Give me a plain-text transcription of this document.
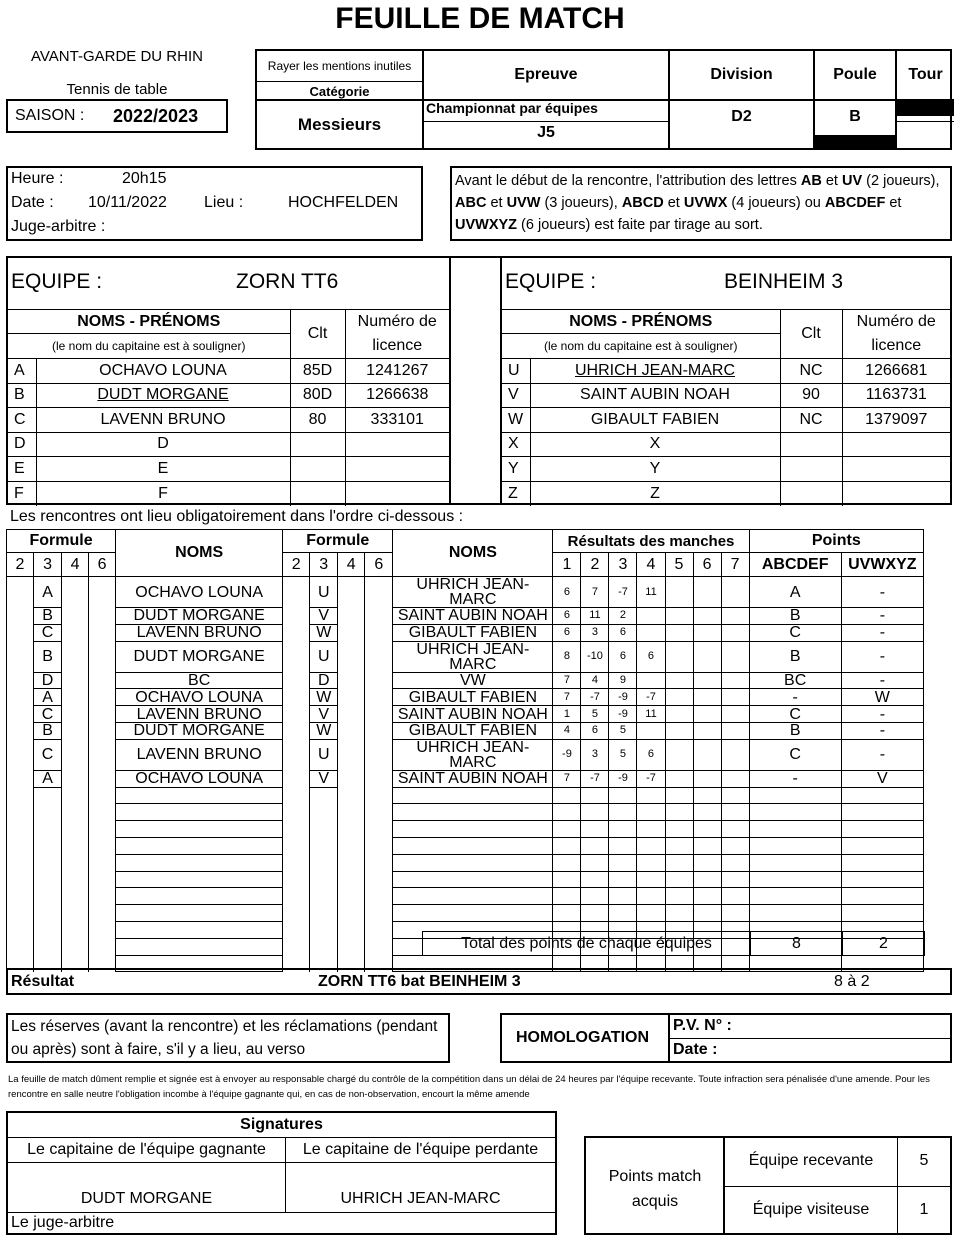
FEUILLE DE MATCH
AVANT-GARDE DU RHIN
Tennis de table
SAISON : 2022/2023
Rayer les mentions inutiles
Catégorie
Messieurs
Epreuve
Championnat par équipes
J5
Division
D2
Poule
B
Tour
Heure :	20h15
Date : 10/11/2022 Lieu :	HOCHFELDEN
Juge-arbitre :
Avant le début de la rencontre, l'attribution des lettres AB et UV (2 joueurs), ABC et UVW (3 joueurs), ABCD et UVWX (4 joueurs) ou ABCDEF et UVWXYZ (6 joueurs) est faite par tirage au sort.
EQUIPE :	ZORN TT6
NOMS - PRÉNOMS		Clt	Numéro de
(le nom du capitaine est à souligner)			licence
A	OCHAVO LOUNA	85D	1241267
B	DUDT MORGANE	80D	1266638
C	LAVENN BRUNO	80	333101
D	D		
E	E		
F	F		
EQUIPE :	BEINHEIM 3
NOMS - PRÉNOMS		Clt	Numéro de
(le nom du capitaine est à souligner)			licence
U	UHRICH JEAN-MARC	NC	1266681
V	SAINT AUBIN NOAH	90	1163731
W	GIBAULT FABIEN	NC	1379097
X	X		
Y	Y		
Z	Z		
Les rencontres ont lieu obligatoirement dans l'ordre ci-dessous :
Formule				NOMS	Formule				NOMS	Résultats des manches							Points	
2	3	4	6		2	3	4	6		1	2	3	4	5	6	7	ABCDEF	UVWXYZ
	A			OCHAVO LOUNA		U			UHRICH JEAN-MARC	6	7	-7	11				A	-
	B			DUDT MORGANE		V			SAINT AUBIN NOAH	6	11	2					B	-
	C			LAVENN BRUNO		W			GIBAULT FABIEN	6	3	6					C	-
	B			DUDT MORGANE		U			UHRICH JEAN-MARC	8	-10	6	6				B	-
	D			BC		D			VW	7	4	9					BC	-
	A			OCHAVO LOUNA		W			GIBAULT FABIEN	7	-7	-9	-7				-	W
	C			LAVENN BRUNO		V			SAINT AUBIN NOAH	1	5	-9	11				C	-
	B			DUDT MORGANE		W			GIBAULT FABIEN	4	6	5					B	-
	C			LAVENN BRUNO		U			UHRICH JEAN-MARC	-9	3	5	6				C	-
	A			OCHAVO LOUNA		V			SAINT AUBIN NOAH	7	-7	-9	-7				-	V

Total des points de chaque équipes	8	2
Résultat	ZORN TT6 bat BEINHEIM 3	8 à 2
Les réserves (avant la rencontre) et les réclamations (pendant ou après) sont à faire, s'il y a lieu, au verso
HOMOLOGATION
P.V. N° :
Date :
La feuille de match dûment remplie et signée est à envoyer au responsable chargé du contrôle de la compétition dans un délai de 24 heures par l'équipe recevante. Toute infraction sera pénalisée d'une amende. Pour les rencontre en salle neutre l'obligation incombe à l'équipe gagnante qui, en cas de non-observation, encourt la même amende
Signatures
Le capitaine de l'équipe gagnante	Le capitaine de l'équipe perdante
DUDT MORGANE	UHRICH JEAN-MARC
Le juge-arbitre
Points match acquis
Équipe recevante	5
Équipe visiteuse	1
